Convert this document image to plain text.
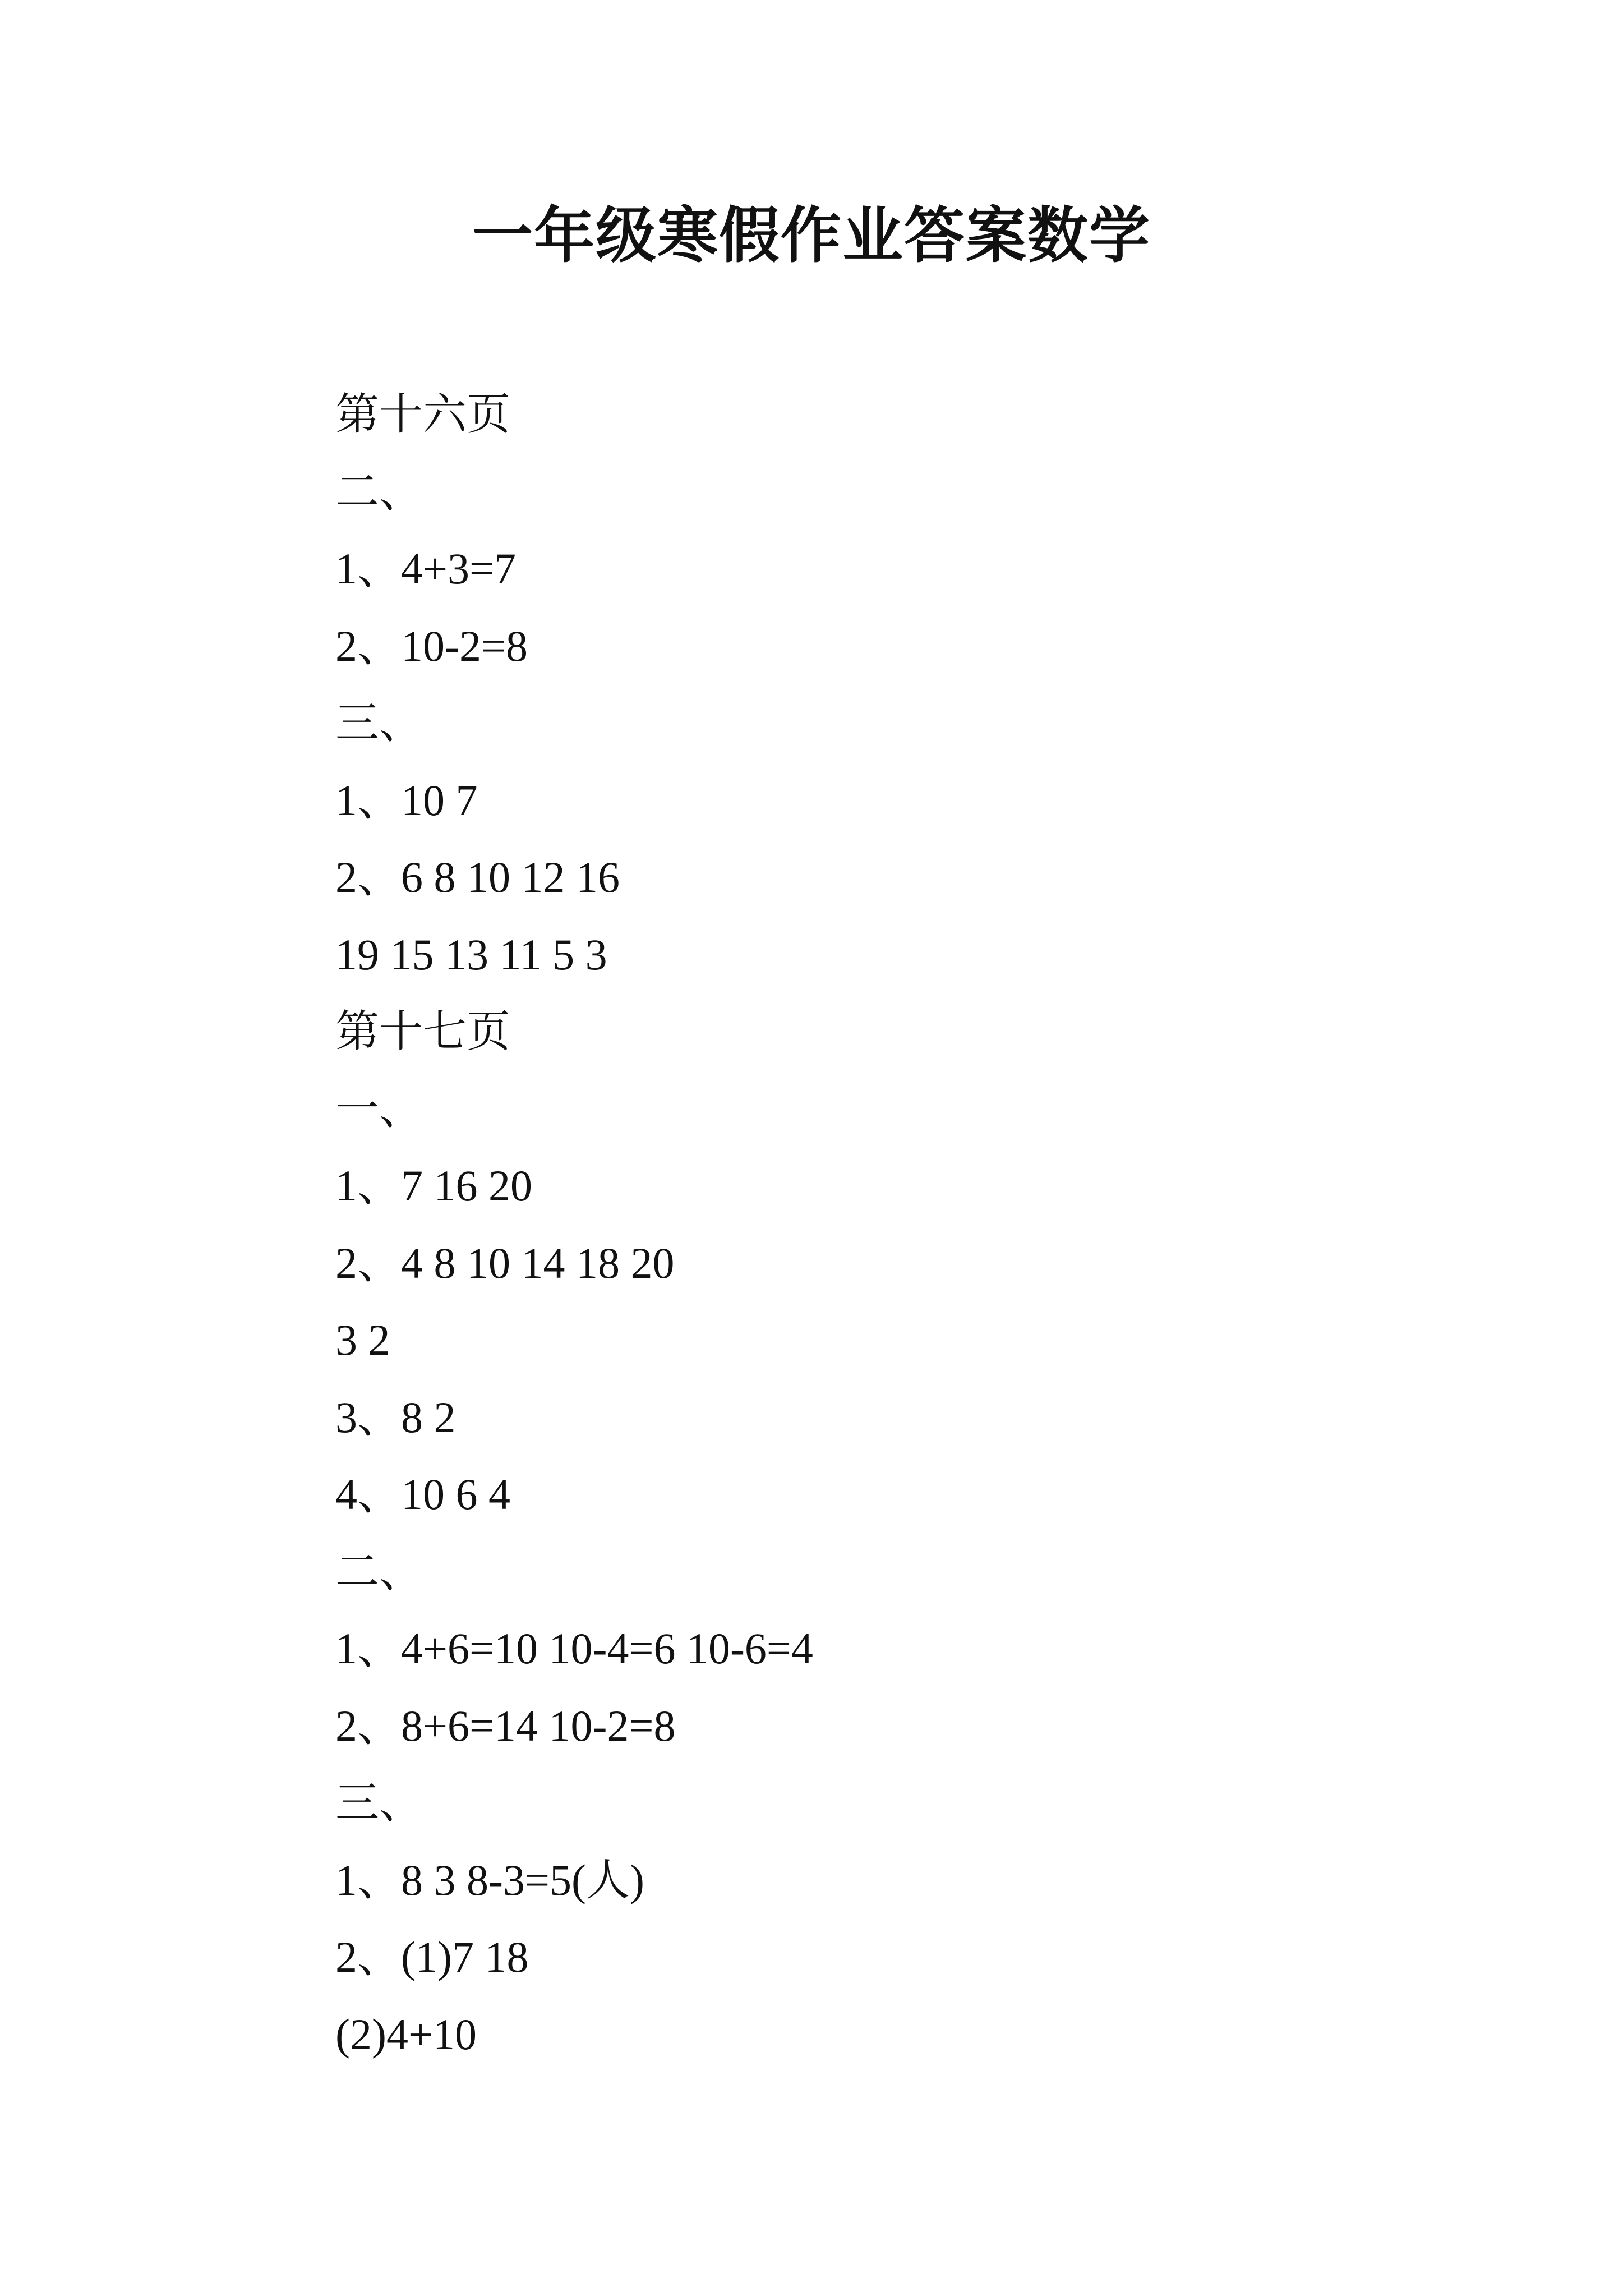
一年级寒假作业答案数学
第十六页
二、
1、4+3=7
2、10-2=8
三、
1、10 7
2、6 8 10 12 16
19 15 13 11 5 3
第十七页
一、
1、7 16 20
2、4 8 10 14 18 20
3 2
3、8 2
4、10 6 4
二、
1、4+6=10 10-4=6 10-6=4
2、8+6=14 10-2=8
三、
1、8 3 8-3=5(人)
2、(1)7 18
(2)4+10
